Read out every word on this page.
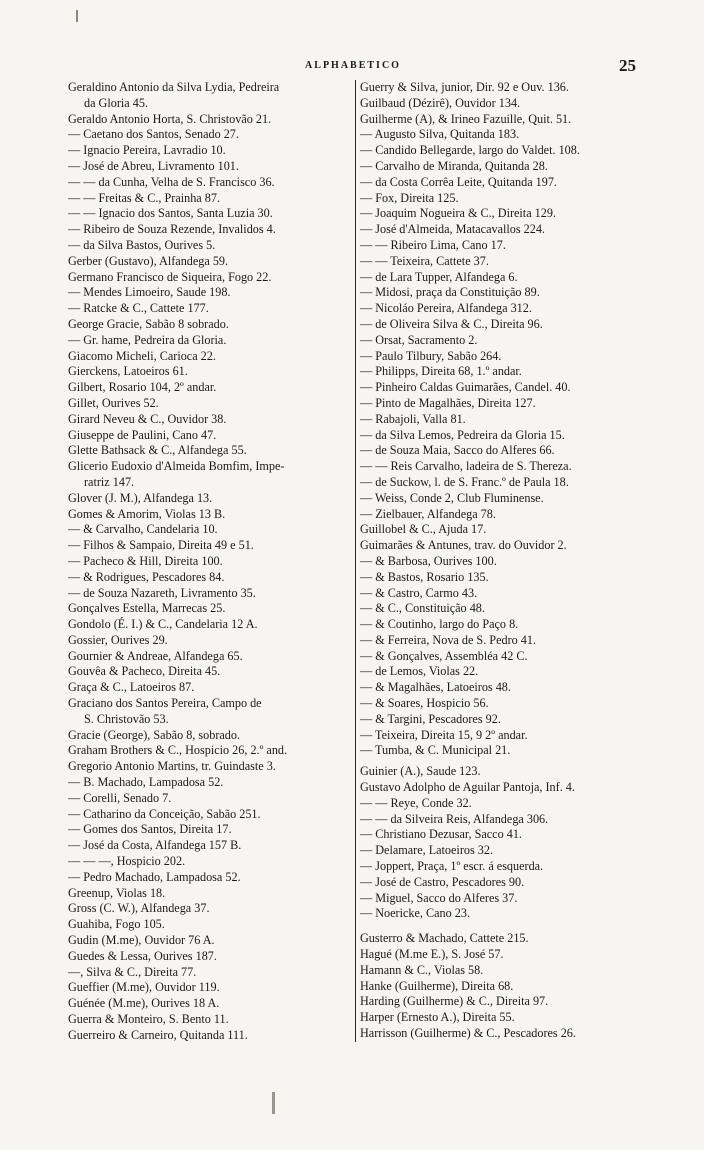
ALPHABETICO	25
Geraldino Antonio da Silva Lydia, Pedreira
da Gloria 45.
Geraldo Antonio Horta, S. Christovão 21.
— Caetano dos Santos, Senado 27.
— Ignacio Pereira, Lavradio 10.
— José de Abreu, Livramento 101.
— — da Cunha, Velha de S. Francisco 36.
— — Freitas & C., Prainha 87.
— — Ignacio dos Santos, Santa Luzia 30.
— Ribeiro de Souza Rezende, Invalidos 4.
— da Silva Bastos, Ourives 5.
Gerber (Gustavo), Alfandega 59.
Germano Francisco de Siqueira, Fogo 22.
— Mendes Limoeiro, Saude 198.
— Ratcke & C., Cattete 177.
George Gracie, Sabão 8 sobrado.
— Gr. hame, Pedreira da Gloria.
Giacomo Micheli, Carioca 22.
Gierckens, Latoeiros 61.
Gilbert, Rosario 104, 2º andar.
Gillet, Ourives 52.
Girard Neveu & C., Ouvidor 38.
Giuseppe de Paulini, Cano 47.
Glette Bathsack & C., Alfandega 55.
Glicerio Eudoxio d'Almeida Bomfim, Impe-
ratriz 147.
Glover (J. M.), Alfandega 13.
Gomes & Amorim, Violas 13 B.
— & Carvalho, Candelaria 10.
— Filhos & Sampaio, Direita 49 e 51.
— Pacheco & Hill, Direita 100.
— & Rodrigues, Pescadores 84.
— de Souza Nazareth, Livramento 35.
Gonçalves Estella, Marrecas 25.
Gondolo (É. I.) & C., Candelaria 12 A.
Gossier, Ourives 29.
Gournier & Andreae, Alfandega 65.
Gouvêa & Pacheco, Direita 45.
Graça & C., Latoeiros 87.
Graciano dos Santos Pereira, Campo de
S. Christovão 53.
Gracie (George), Sabão 8, sobrado.
Graham Brothers & C., Hospicio 26, 2.º and.
Gregorio Antonio Martins, tr. Guindaste 3.
— B. Machado, Lampadosa 52.
— Corelli, Senado 7.
— Catharino da Conceição, Sabão 251.
— Gomes dos Santos, Direita 17.
— José da Costa, Alfandega 157 B.
— — —, Hospicio 202.
— Pedro Machado, Lampadosa 52.
Greenup, Violas 18.
Gross (C. W.), Alfandega 37.
Guahiba, Fogo 105.
Gudin (M.me), Ouvidor 76 A.
Guedes & Lessa, Ourives 187.
—, Silva & C., Direita 77.
Gueffier (M.me), Ouvidor 119.
Guénée (M.me), Ourives 18 A.
Guerra & Monteiro, S. Bento 11.
Guerreiro & Carneiro, Quitanda 111.
Guerry & Silva, junior, Dir. 92 e Ouv. 136.
Guilbaud (Dézirê), Ouvidor 134.
Guilherme (A), & Irineo Fazuille, Quit. 51.
— Augusto Silva, Quitanda 183.
— Candido Bellegarde, largo do Valdet. 108.
— Carvalho de Miranda, Quitanda 28.
— da Costa Corrêa Leite, Quitanda 197.
— Fox, Direita 125.
— Joaquim Nogueira & C., Direita 129.
— José d'Almeida, Matacavallos 224.
— — Ribeiro Lima, Cano 17.
— — Teixeira, Cattete 37.
— de Lara Tupper, Alfandega 6.
— Midosi, praça da Constituição 89.
— Nicoláo Pereira, Alfandega 312.
— de Oliveira Silva & C., Direita 96.
— Orsat, Sacramento 2.
— Paulo Tilbury, Sabão 264.
— Philipps, Direita 68, 1.º andar.
— Pinheiro Caldas Guimarães, Candel. 40.
— Pinto de Magalhães, Direita 127.
— Rabajoli, Valla 81.
— da Silva Lemos, Pedreira da Gloria 15.
— de Souza Maia, Sacco do Alferes 66.
— — Reis Carvalho, ladeira de S. Thereza.
— de Suckow, l. de S. Franc.º de Paula 18.
— Weiss, Conde 2, Club Fluminense.
— Zielbauer, Alfandega 78.
Guillobel & C., Ajuda 17.
Guimarães & Antunes, trav. do Ouvidor 2.
— & Barbosa, Ourives 100.
— & Bastos, Rosario 135.
— & Castro, Carmo 43.
— & C., Constituição 48.
— & Coutinho, largo do Paço 8.
— & Ferreira, Nova de S. Pedro 41.
— & Gonçalves, Assembléa 42 C.
— de Lemos, Violas 22.
— & Magalhães, Latoeiros 48.
— & Soares, Hospicio 56.
— & Targini, Pescadores 92.
— Teixeira, Direita 15, 9 2º andar.
— Tumba, & C. Municipal 21.
Guinier (A.), Saude 123.
Gustavo Adolpho de Aguilar Pantoja, Inf. 4.
— — Reye, Conde 32.
— — da Silveira Reis, Alfandega 306.
— Christiano Dezusar, Sacco 41.
— Delamare, Latoeiros 32.
— Joppert, Praça, 1º escr. á esquerda.
— José de Castro, Pescadores 90.
— Miguel, Sacco do Alferes 37.
— Noericke, Cano 23.
Gusterro & Machado, Cattete 215.
Hagué (M.me E.), S. José 57.
Hamann & C., Violas 58.
Hanke (Guilherme), Direita 68.
Harding (Guilherme) & C., Direita 97.
Harper (Ernesto A.), Direita 55.
Harrisson (Guilherme) & C., Pescadores 26.
